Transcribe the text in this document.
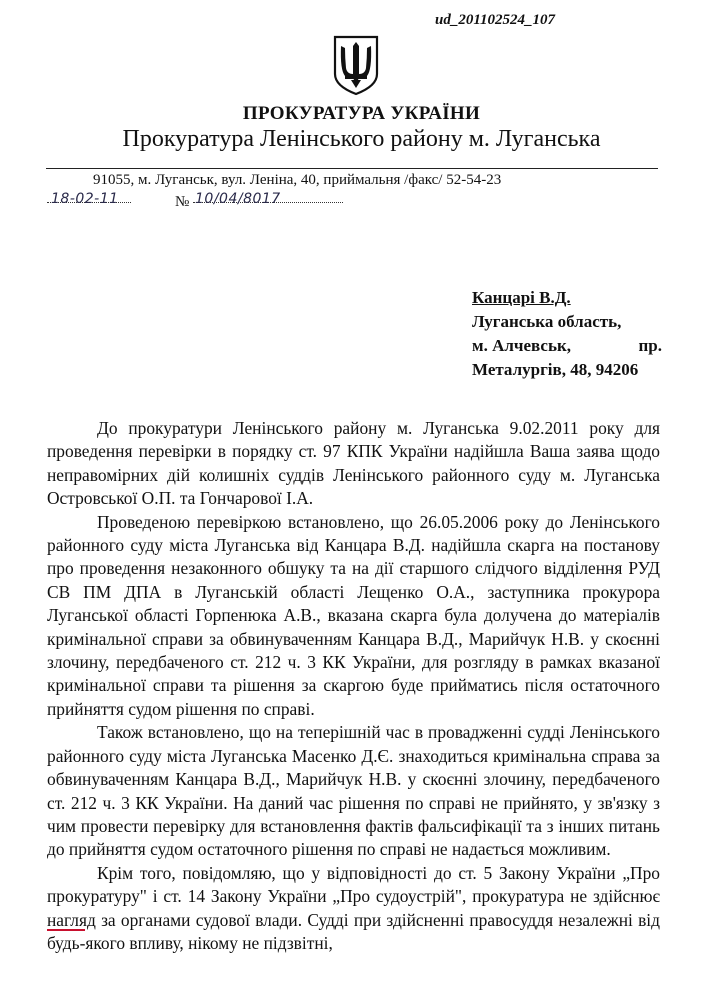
ud_201102524_107
ПРОКУРАТУРА УКРАЇНИ
Прокуратура Ленінського району м. Луганська
91055, м. Луганськ, вул. Леніна, 40, приймальня /факс/ 52-54-23
18-02-11	№ 10/04/8017
Канцарі В.Д.
Луганська область,
м. Алчевськ,	пр.
Металургів, 48, 94206

До прокуратури Ленінського району м. Луганська 9.02.2011 року для проведення перевірки в порядку ст. 97 КПК України надійшла Ваша заява щодо неправомірних дій колишніх суддів Ленінського районного суду м. Луганська Островської О.П. та Гончарової І.А.

Проведеною перевіркою встановлено, що 26.05.2006 року до Ленінського районного суду міста Луганська від Канцара В.Д. надійшла скарга на постанову про проведення незаконного обшуку та на дії старшого слідчого відділення РУД СВ ПМ ДПА в Луганській області Лещенко О.А., заступника прокурора Луганської області Горпенюка А.В., вказана скарга була долучена до матеріалів кримінальної справи за обвинуваченням Канцара В.Д., Марийчук Н.В. у скоєнні злочину, передбаченого ст. 212 ч. 3 КК України, для розгляду в рамках вказаної кримінальної справи та рішення за скаргою буде прийматись після остаточного прийняття судом рішення по справі.

Також встановлено, що на теперішній час в провадженні судді Ленінського районного суду міста Луганська Масенко Д.Є. знаходиться кримінальна справа за обвинуваченням Канцара В.Д., Марийчук Н.В. у скоєнні злочину, передбаченого ст. 212 ч. 3 КК України. На даний час рішення по справі не прийнято, у зв'язку з чим провести перевірку для встановлення фактів фальсифікації та з інших питань до прийняття судом остаточного рішення по справі не надається можливим.

Крім того, повідомляю, що у відповідності до ст. 5 Закону України „Про прокуратуру" і ст. 14 Закону України „Про судоустрій", прокуратура не здійснює нагляд за органами судової влади. Судді при здійсненні правосуддя незалежні від будь-якого впливу, нікому не підзвітні,
